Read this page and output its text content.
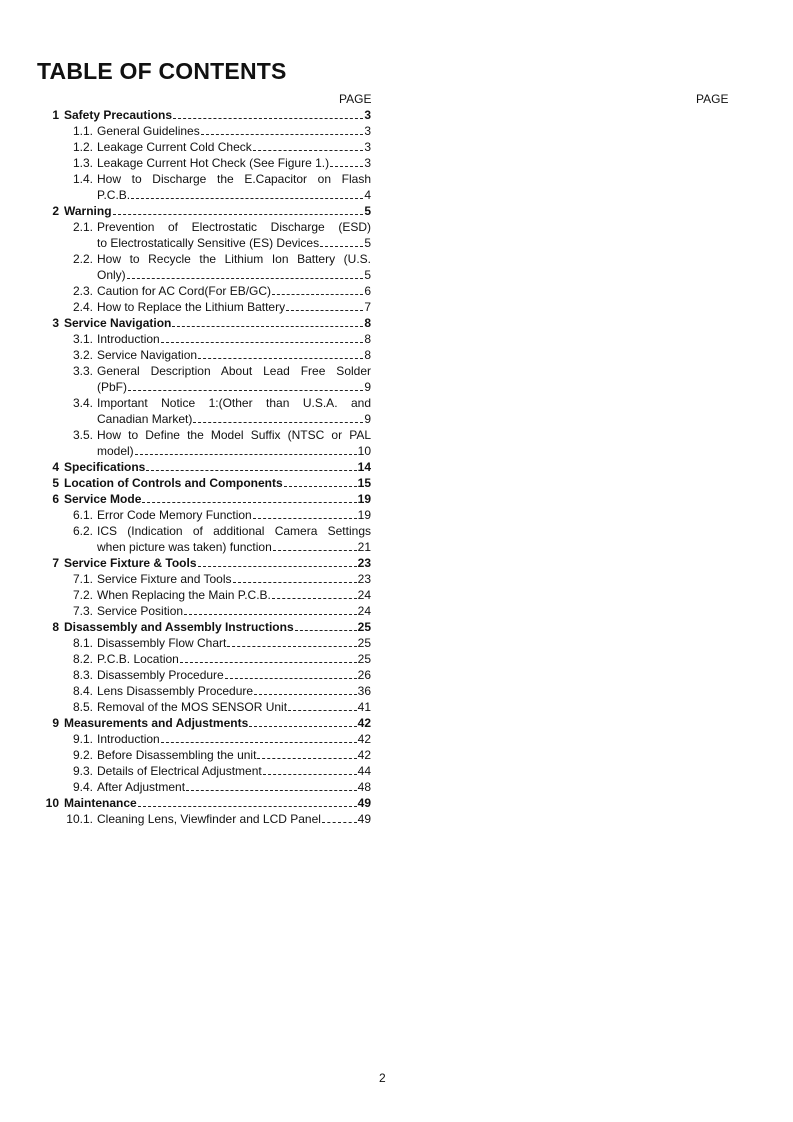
TABLE OF CONTENTS
PAGE	PAGE
1 Safety Precautions	3
1.1. General Guidelines	3
1.2. Leakage Current Cold Check	3
1.3. Leakage Current Hot Check (See Figure 1.)	3
1.4. How to Discharge the E.Capacitor on Flash
P.C.B.	4
2 Warning	5
2.1. Prevention of Electrostatic Discharge (ESD)
to Electrostatically Sensitive (ES) Devices	5
2.2. How to Recycle the Lithium Ion Battery (U.S.
Only)	5
2.3. Caution for AC Cord(For EB/GC)	6
2.4. How to Replace the Lithium Battery	7
3 Service Navigation	8
3.1. Introduction	8
3.2. Service Navigation	8
3.3. General Description About Lead Free Solder
(PbF)	9
3.4. Important Notice 1:(Other than U.S.A. and
Canadian Market)	9
3.5. How to Define the Model Suffix (NTSC or PAL
model)	10
4 Specifications	14
5 Location of Controls and Components	15
6 Service Mode	19
6.1. Error Code Memory Function	19
6.2. ICS (Indication of additional Camera Settings
when picture was taken) function	21
7 Service Fixture & Tools	23
7.1. Service Fixture and Tools	23
7.2. When Replacing the Main P.C.B.	24
7.3. Service Position	24
8 Disassembly and Assembly Instructions	25
8.1. Disassembly Flow Chart	25
8.2. P.C.B. Location	25
8.3. Disassembly Procedure	26
8.4. Lens Disassembly Procedure	36
8.5. Removal of the MOS SENSOR Unit	41
9 Measurements and Adjustments	42
9.1. Introduction	42
9.2. Before Disassembling the unit	42
9.3. Details of Electrical Adjustment	44
9.4. After Adjustment	48
10 Maintenance	49
10.1. Cleaning Lens, Viewfinder and LCD Panel	49
2
